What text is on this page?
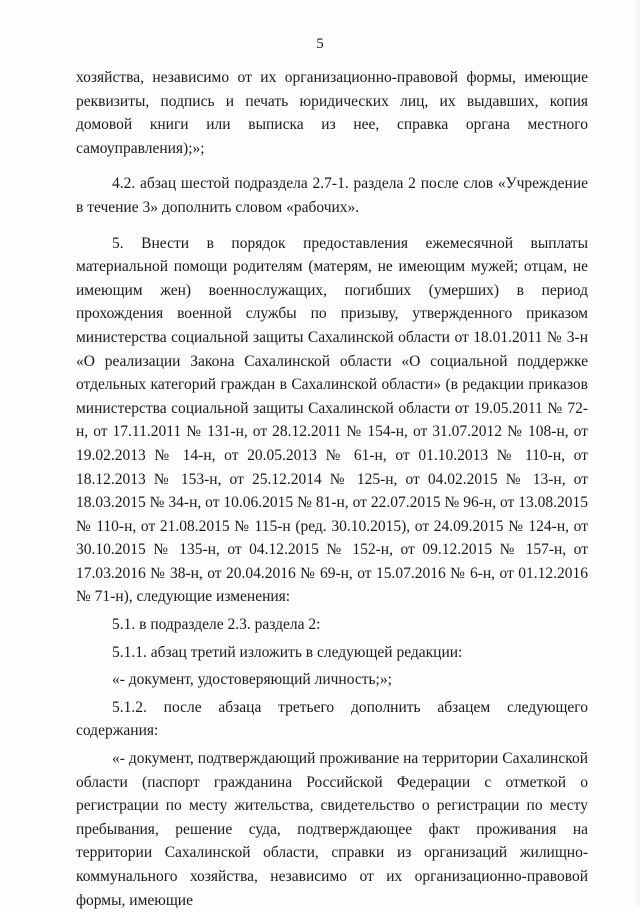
5

хозяйства, независимо от их организационно-правовой формы, имеющие реквизиты, подпись и печать юридических лиц, их выдавших, копия домовой книги или выписка из нее, справка органа местного самоуправления);»;

4.2. абзац шестой подраздела 2.7-1. раздела 2 после слов «Учреждение в течение 3» дополнить словом «рабочих».

5. Внести в порядок предоставления ежемесячной выплаты материальной помощи родителям (матерям, не имеющим мужей; отцам, не имеющим жен) военнослужащих, погибших (умерших) в период прохождения военной службы по призыву, утвержденного приказом министерства социальной защиты Сахалинской области от 18.01.2011 № 3-н «О реализации Закона Сахалинской области «О социальной поддержке отдельных категорий граждан в Сахалинской области» (в редакции приказов министерства социальной защиты Сахалинской области от 19.05.2011 № 72-н, от 17.11.2011 № 131-н, от 28.12.2011 № 154-н, от 31.07.2012 № 108-н, от 19.02.2013 № 14-н, от 20.05.2013 № 61-н, от 01.10.2013 № 110-н, от 18.12.2013 № 153-н, от 25.12.2014 № 125-н, от 04.02.2015 № 13-н, от 18.03.2015 № 34-н, от 10.06.2015 № 81-н, от 22.07.2015 № 96-н, от 13.08.2015 № 110-н, от 21.08.2015 № 115-н (ред. 30.10.2015), от 24.09.2015 № 124-н, от 30.10.2015 № 135-н, от 04.12.2015 № 152-н, от 09.12.2015 № 157-н, от 17.03.2016 № 38-н, от 20.04.2016 № 69-н, от 15.07.2016 № 6-н, от 01.12.2016 № 71-н), следующие изменения:

5.1. в подразделе 2.3. раздела 2:

5.1.1. абзац третий изложить в следующей редакции:

«- документ, удостоверяющий личность;»;

5.1.2. после абзаца третьего дополнить абзацем следующего содержания:

«- документ, подтверждающий проживание на территории Сахалинской области (паспорт гражданина Российской Федерации с отметкой о регистрации по месту жительства, свидетельство о регистрации по месту пребывания, решение суда, подтверждающее факт проживания на территории Сахалинской области, справки из организаций жилищно-коммунального хозяйства, независимо от их организационно-правовой формы, имеющие
